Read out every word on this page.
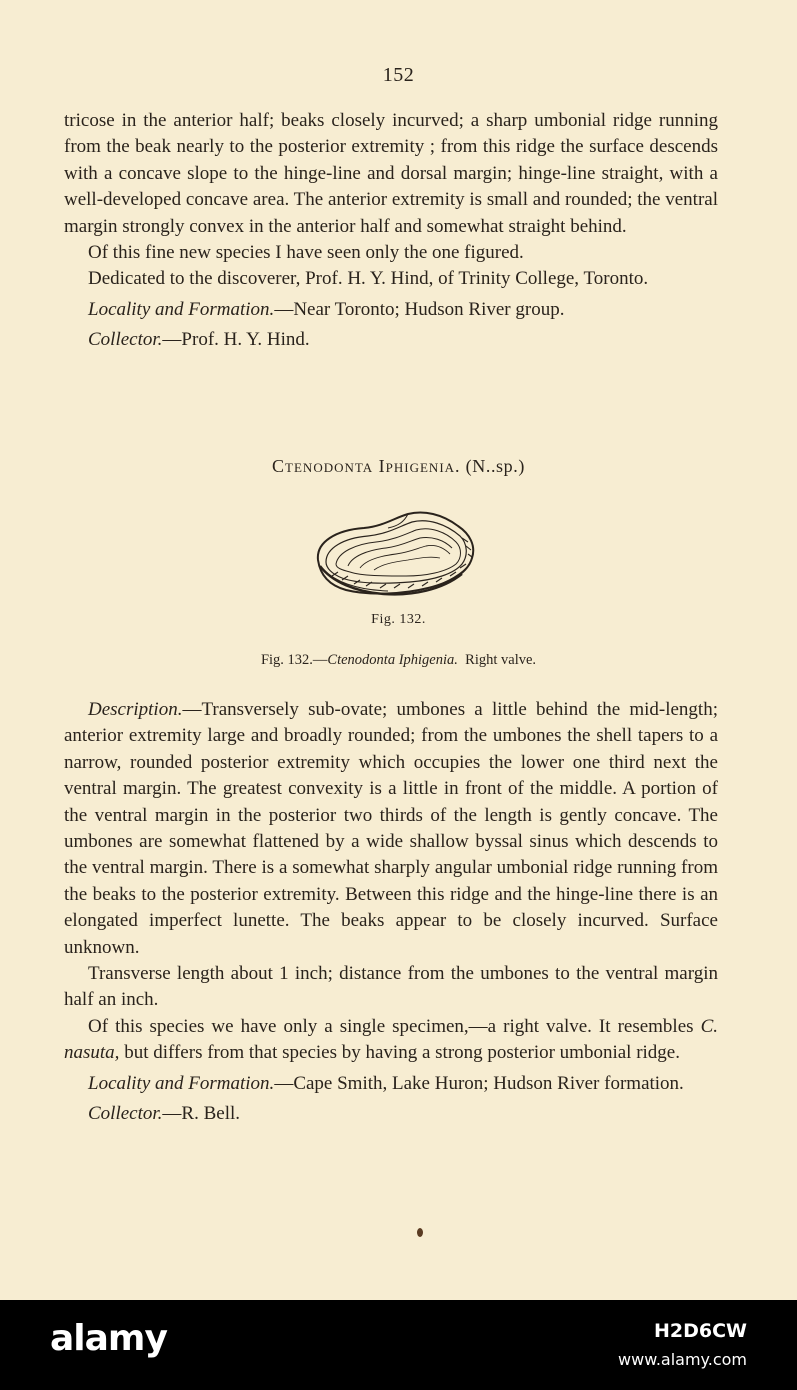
152

tricose in the anterior half; beaks closely incurved; a sharp umbonial ridge running from the beak nearly to the posterior extremity ; from this ridge the surface descends with a concave slope to the hinge-line and dorsal margin; hinge-line straight, with a well-developed concave area. The anterior extremity is small and rounded; the ventral margin strongly convex in the anterior half and somewhat straight behind.

Of this fine new species I have seen only the one figured.

Dedicated to the discoverer, Prof. H. Y. Hind, of Trinity College, Toronto.

Locality and Formation.—Near Toronto; Hudson River group.

Collector.—Prof. H. Y. Hind.

Ctenodonta Iphigenia. (N..sp.)
Fig. 132.
Fig. 132.—Ctenodonta Iphigenia. Right valve.

Description.—Transversely sub-ovate; umbones a little behind the mid-length; anterior extremity large and broadly rounded; from the umbones the shell tapers to a narrow, rounded posterior extremity which occupies the lower one third next the ventral margin. The greatest convexity is a little in front of the middle. A portion of the ventral margin in the posterior two thirds of the length is gently concave. The umbones are somewhat flattened by a wide shallow byssal sinus which descends to the ventral margin. There is a somewhat sharply angular umbonial ridge running from the beaks to the posterior extremity. Between this ridge and the hinge-line there is an elongated imperfect lunette. The beaks appear to be closely incurved. Surface unknown.

Transverse length about 1 inch; distance from the umbones to the ventral margin half an inch.

Of this species we have only a single specimen,—a right valve. It resembles C. nasuta, but differs from that species by having a strong posterior umbonial ridge.

Locality and Formation.—Cape Smith, Lake Huron; Hudson River formation.

Collector.—R. Bell.

alamy	H2D6CW
www.alamy.com
